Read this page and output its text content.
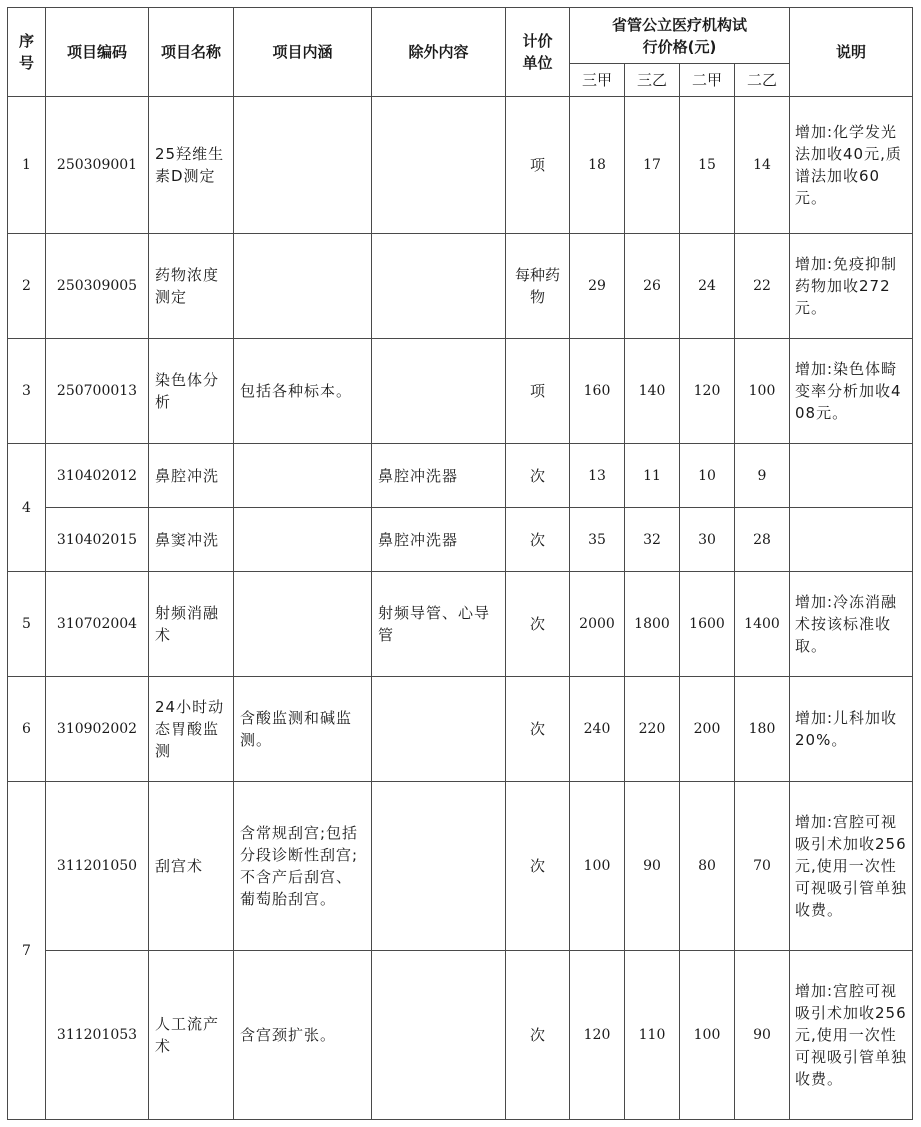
序号	项目编码	项目名称	项目内涵	除外内容	计价单位	省管公立医疗机构试行价格(元)				说明
						三甲	三乙	二甲	二乙	
1	250309001	25羟维生素D测定			项	18	17	15	14	增加:化学发光法加收40元,质谱法加收60元。
2	250309005	药物浓度测定			每种药物	29	26	24	22	增加:免疫抑制药物加收272元。
3	250700013	染色体分析	包括各种标本。		项	160	140	120	100	增加:染色体畸变率分析加收408元。
4	310402012	鼻腔冲洗		鼻腔冲洗器	次	13	11	10	9	
	310402015	鼻窦冲洗		鼻腔冲洗器	次	35	32	30	28	
5	310702004	射频消融术		射频导管、心导管	次	2000	1800	1600	1400	增加:冷冻消融术按该标准收取。
6	310902002	24小时动态胃酸监测	含酸监测和碱监测。		次	240	220	200	180	增加:儿科加收20%。
7	311201050	刮宫术	含常规刮宫;包括分段诊断性刮宫;不含产后刮宫、葡萄胎刮宫。		次	100	90	80	70	增加:宫腔可视吸引术加收256元,使用一次性可视吸引管单独收费。
	311201053	人工流产术	含宫颈扩张。		次	120	110	100	90	增加:宫腔可视吸引术加收256元,使用一次性可视吸引管单独收费。
